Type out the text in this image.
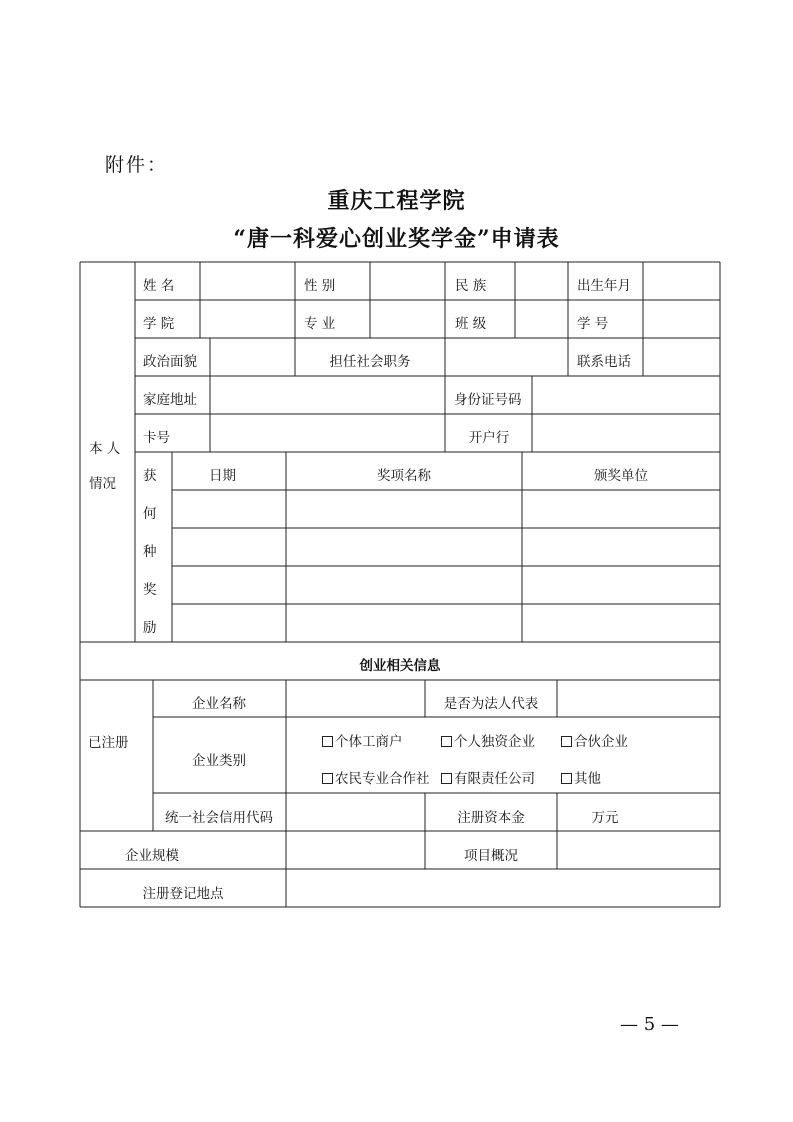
附件：
重庆工程学院
“唐一科爱心创业奖学金”申请表
本 人
情况
姓 名	性 别	民 族	出生年月
学 院	专 业	班 级	学 号
政治面貌	担任社会职务	联系电话
家庭地址	身份证号码
卡号	开户行
获
何
种
奖
励
日期	奖项名称	颁奖单位
创业相关信息
已注册
企业名称	是否为法人代表
企业类别
个体工商户	个人独资企业	合伙企业
农民专业合作社	有限责任公司	其他
统一社会信用代码	注册资本金	万元
企业规模	项目概况
注册登记地点
— 5 —
